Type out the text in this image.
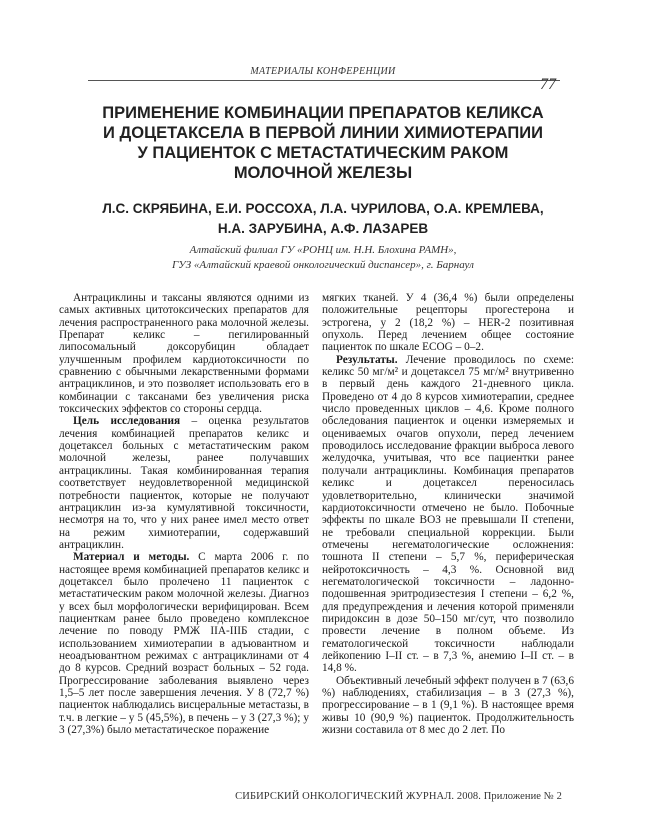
МАТЕРИАЛЫ КОНФЕРЕНЦИИ
77
ПРИМЕНЕНИЕ КОМБИНАЦИИ ПРЕПАРАТОВ КЕЛИКСА
И ДОЦЕТАКСЕЛА В ПЕРВОЙ ЛИНИИ ХИМИОТЕРАПИИ
У ПАЦИЕНТОК С МЕТАСТАТИЧЕСКИМ РАКОМ
МОЛОЧНОЙ ЖЕЛЕЗЫ
Л.С. СКРЯБИНА, Е.И. РОССОХА, Л.А. ЧУРИЛОВА, О.А. КРЕМЛЕВА,
Н.А. ЗАРУБИНА, А.Ф. ЛАЗАРЕВ
Алтайский филиал ГУ «РОНЦ им. Н.Н. Блохина РАМН»,
ГУЗ «Алтайский краевой онкологический диспансер», г. Барнаул

Антрациклины и таксаны являются одними из самых активных цитотоксических препаратов для лечения распространенного рака молочной железы. Препарат келикс – пегилированный липосомальный доксорубицин обладает улучшенным профилем кардиотоксичности по сравнению с обычными лекарственными формами антрациклинов, и это позволяет использовать его в комбинации с таксанами без увеличения риска токсических эффектов со стороны сердца.

Цель исследования – оценка результатов лечения комбинацией препаратов келикс и доцетаксел больных с метастатическим раком молочной железы, ранее получавших антрациклины. Такая комбинированная терапия соответствует неудовлетворенной медицинской потребности пациенток, которые не получают антрациклин из-за кумулятивной токсичности, несмотря на то, что у них ранее имел место ответ на режим химиотерапии, содержавший антрациклин.

Материал и методы. С марта 2006 г. по настоящее время комбинацией препаратов келикс и доцетаксел было пролечено 11 пациенток с метастатическим раком молочной железы. Диагноз у всех был морфологически верифицирован. Всем пациенткам ранее было проведено комплексное лечение по поводу РМЖ IIA-IIIБ стадии, с использованием химиотерапии в адъювантном и неоадъювантном режимах с антрациклинами от 4 до 8 курсов. Средний возраст больных – 52 года. Прогрессирование заболевания выявлено через 1,5–5 лет после завершения лечения. У 8 (72,7 %) пациенток наблюдались висцеральные метастазы, в т.ч. в легкие – у 5 (45,5%), в печень – у 3 (27,3 %); у 3 (27,3%) было метастатическое поражение

мягких тканей. У 4 (36,4 %) были определены положительные рецепторы прогестерона и эстрогена, у 2 (18,2 %) – HER-2 позитивная опухоль. Перед лечением общее состояние пациенток по шкале ECOG – 0–2.

Результаты. Лечение проводилось по схеме: келикс 50 мг/м² и доцетаксел 75 мг/м² внутривенно в первый день каждого 21-дневного цикла. Проведено от 4 до 8 курсов химиотерапии, среднее число проведенных циклов – 4,6. Кроме полного обследования пациенток и оценки измеряемых и оцениваемых очагов опухоли, перед лечением проводилось исследование фракции выброса левого желудочка, учитывая, что все пациентки ранее получали антрациклины. Комбинация препаратов келикс и доцетаксел переносилась удовлетворительно, клинически значимой кардиотоксичности отмечено не было. Побочные эффекты по шкале ВОЗ не превышали II степени, не требовали специальной коррекции. Были отмечены негематологические осложнения: тошнота II степени – 5,7 %, периферическая нейротоксичность – 4,3 %. Основной вид негематологической токсичности – ладонно-подошвенная эритродизестезия I степени – 6,2 %, для предупреждения и лечения которой применяли пиридоксин в дозе 50–150 мг/сут, что позволило провести лечение в полном объеме. Из гематологической токсичности наблюдали лейкопению I–II ст. – в 7,3 %, анемию I–II ст. – в 14,8 %.

Объективный лечебный эффект получен в 7 (63,6 %) наблюдениях, стабилизация – в 3 (27,3 %), прогрессирование – в 1 (9,1 %). В настоящее время живы 10 (90,9 %) пациенток. Продолжительность жизни составила от 8 мес до 2 лет. По

СИБИРСКИЙ ОНКОЛОГИЧЕСКИЙ ЖУРНАЛ. 2008. Приложение № 2
